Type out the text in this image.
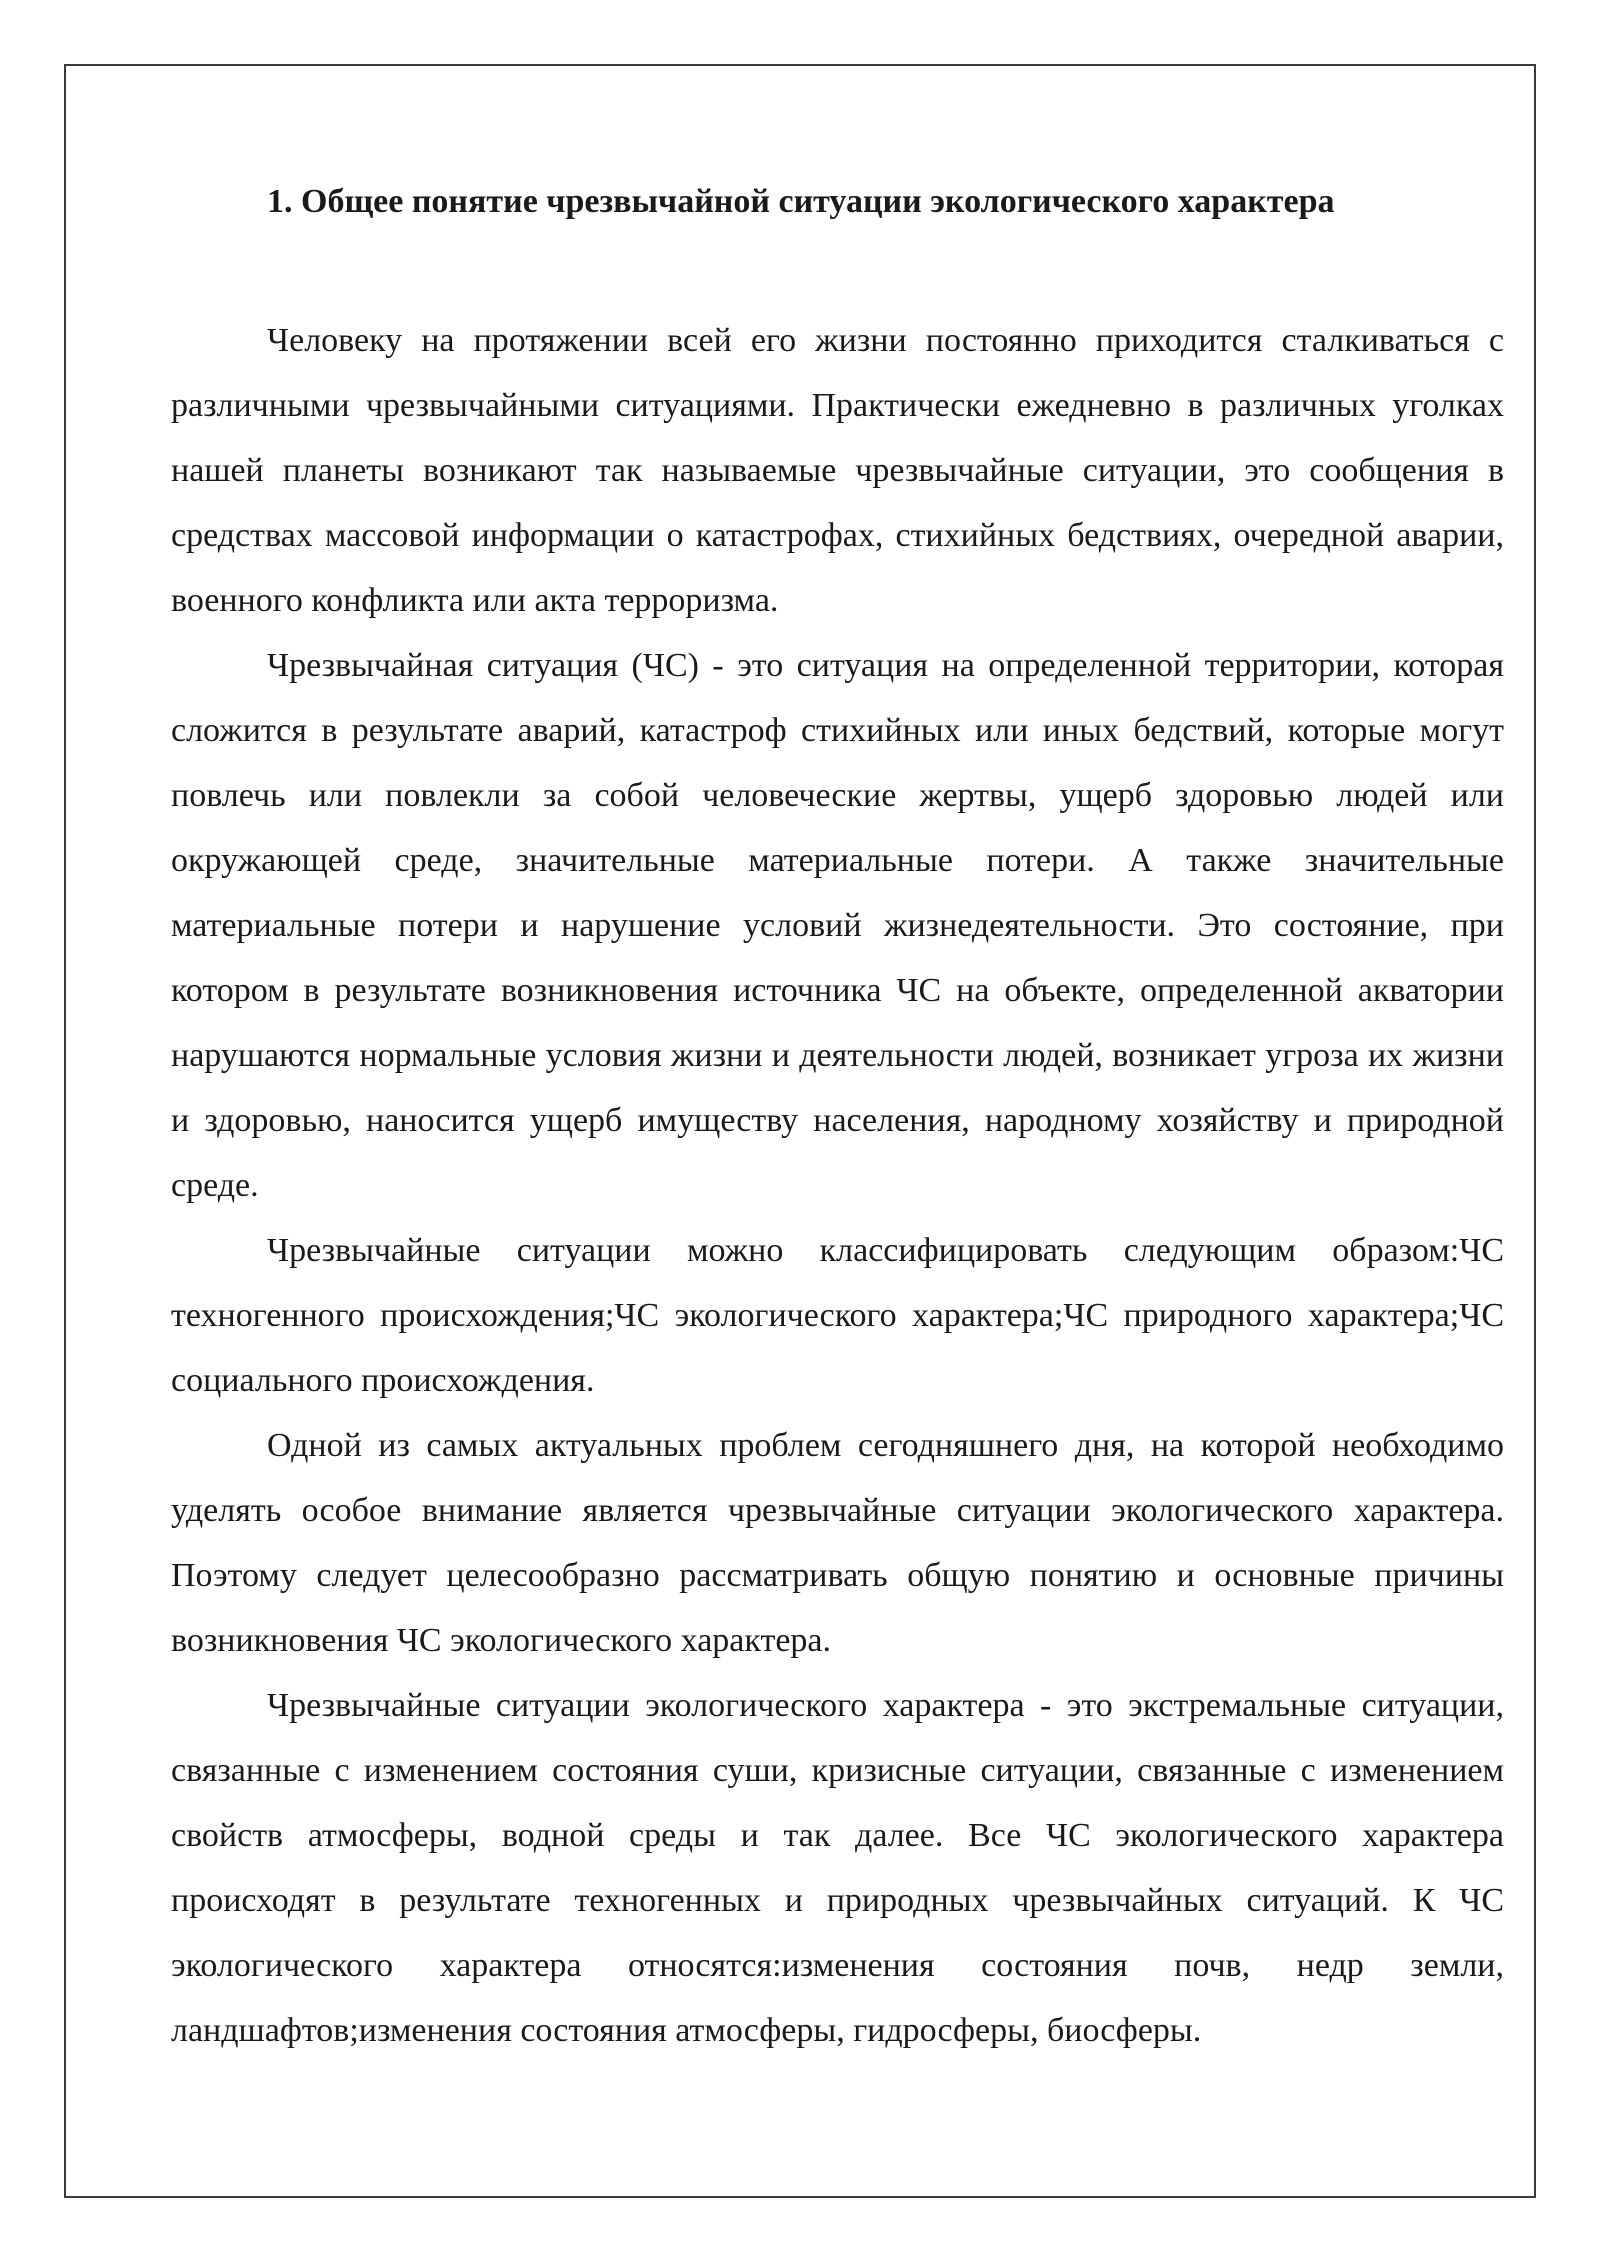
1. Общее понятие чрезвычайной ситуации экологического характера

Человеку на протяжении всей его жизни постоянно приходится сталкиваться с различными чрезвычайными ситуациями. Практически ежедневно в различных уголках нашей планеты возникают так называемые чрезвычайные ситуации, это сообщения в средствах массовой информации о катастрофах, стихийных бедствиях, очередной аварии, военного конфликта или акта терроризма.

Чрезвычайная ситуация (ЧС) - это ситуация на определенной территории, которая сложится в результате аварий, катастроф стихийных или иных бедствий, которые могут повлечь или повлекли за собой человеческие жертвы, ущерб здоровью людей или окружающей среде, значительные материальные потери. А также значительные материальные потери и нарушение условий жизнедеятельности. Это состояние, при котором в результате возникновения источника ЧС на объекте, определенной акватории нарушаются нормальные условия жизни и деятельности людей, возникает угроза их жизни и здоровью, наносится ущерб имуществу населения, народному хозяйству и природной среде.

Чрезвычайные ситуации можно классифицировать следующим образом:ЧС техногенного происхождения;ЧС экологического характера;ЧС природного характера;ЧС социального происхождения.

Одной из самых актуальных проблем сегодняшнего дня, на которой необходимо уделять особое внимание является чрезвычайные ситуации экологического характера. Поэтому следует целесообразно рассматривать общую понятию и основные причины возникновения ЧС экологического характера.

Чрезвычайные ситуации экологического характера - это экстремальные ситуации, связанные с изменением состояния суши, кризисные ситуации, связанные с изменением свойств атмосферы, водной среды и так далее. Все ЧС экологического характера происходят в результате техногенных и природных чрезвычайных ситуаций. К ЧС экологического характера относятся:изменения состояния почв, недр земли, ландшафтов;изменения состояния атмосферы, гидросферы, биосферы.
